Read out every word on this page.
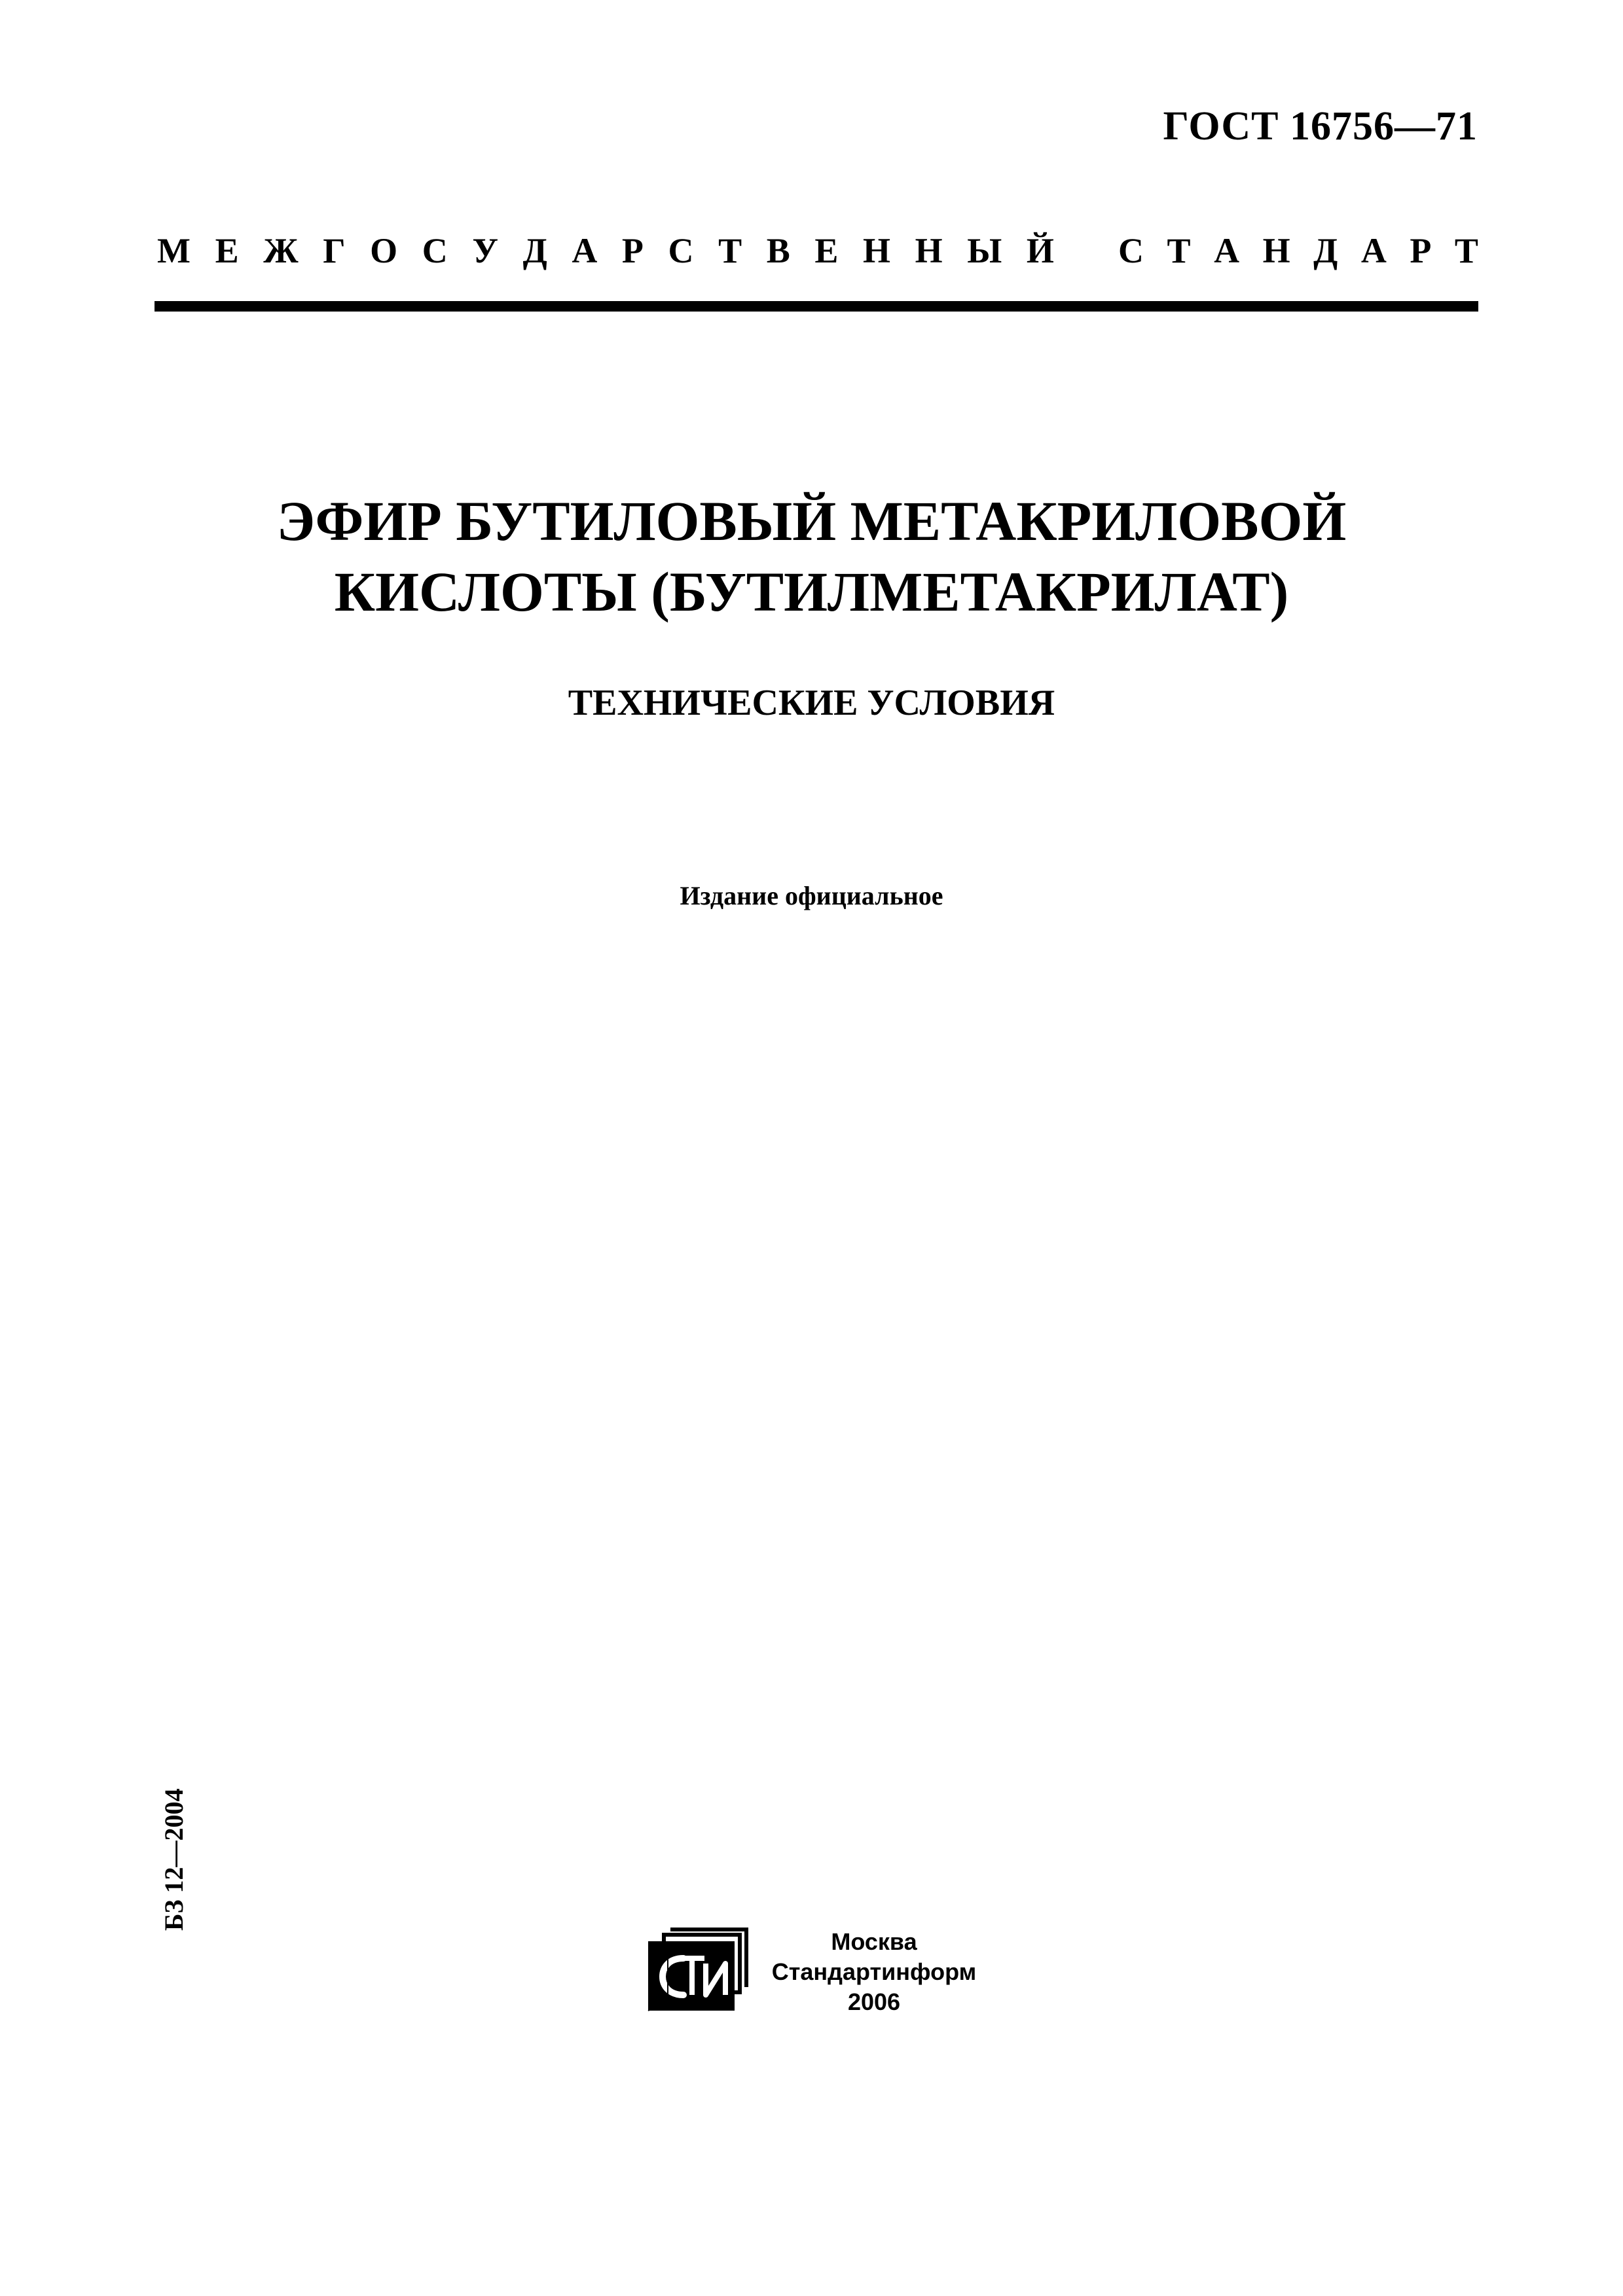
ГОСТ 16756—71
М Е Ж Г О С У Д А Р С Т В Е Н Н Ы Й С Т А Н Д А Р Т
ЭФИР БУТИЛОВЫЙ МЕТАКРИЛОВОЙ
КИСЛОТЫ (БУТИЛМЕТАКРИЛАТ)
ТЕХНИЧЕСКИЕ УСЛОВИЯ
Издание официальное
БЗ 12—2004
Москва
Стандартинформ
2006
